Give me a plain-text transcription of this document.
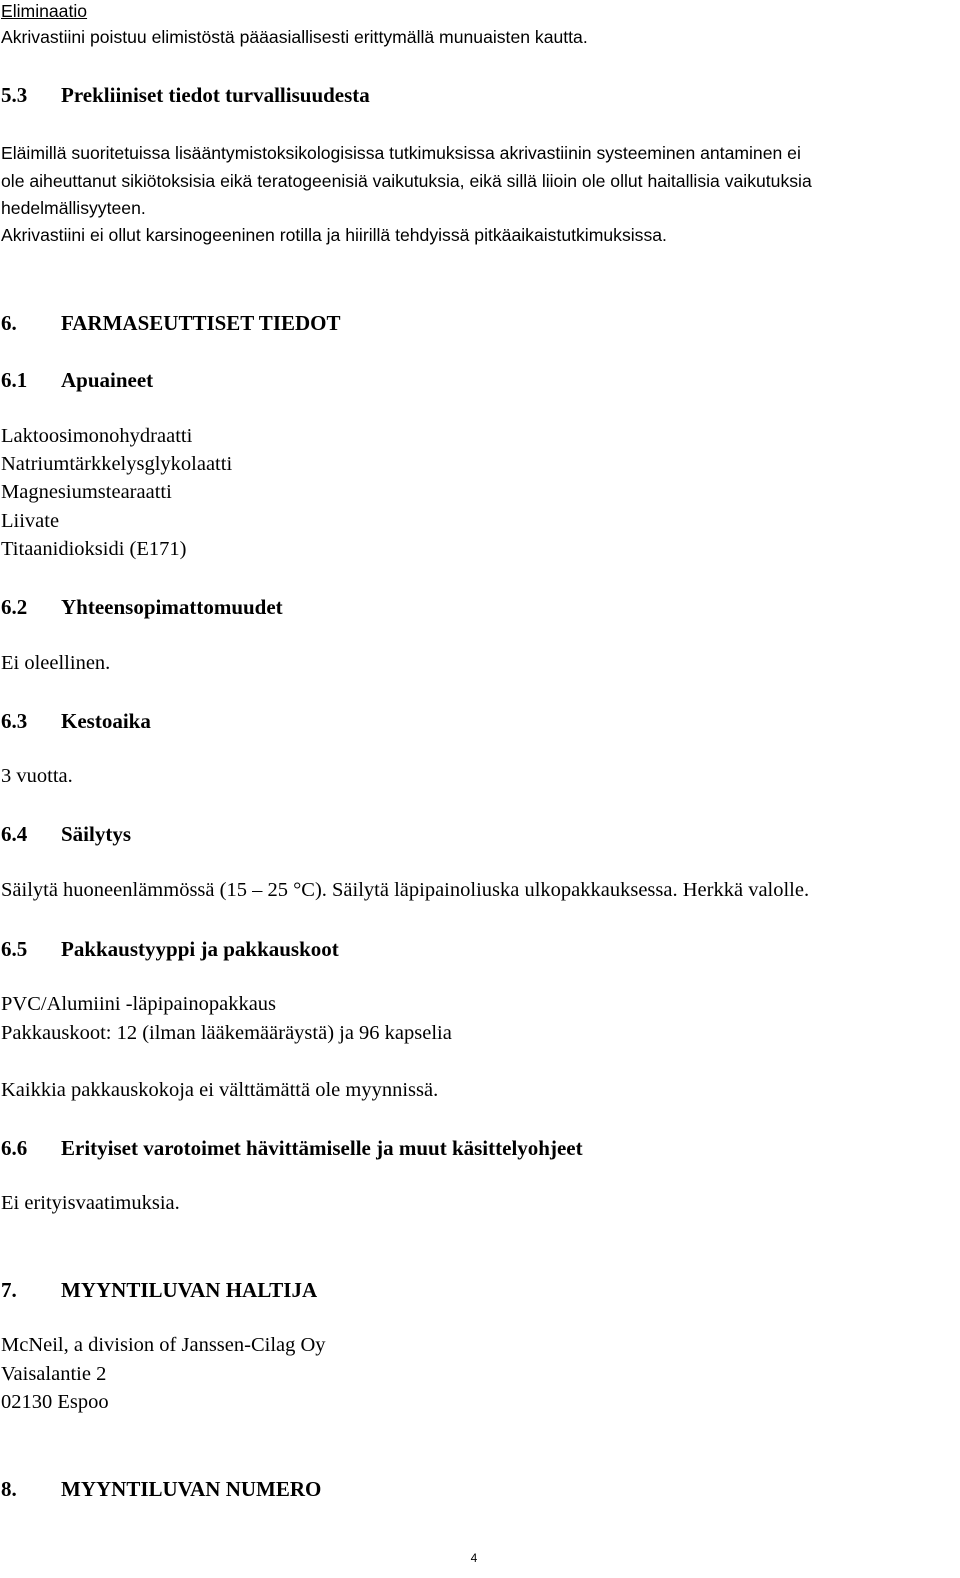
Eliminaatio
Akrivastiini poistuu elimistöstä pääasiallisesti erittymällä munuaisten kautta.
5.3 Prekliiniset tiedot turvallisuudesta
Eläimillä suoritetuissa lisääntymistoksikologisissa tutkimuksissa akrivastiinin systeeminen antaminen ei
ole aiheuttanut sikiötoksisia eikä teratogeenisiä vaikutuksia, eikä sillä liioin ole ollut haitallisia vaikutuksia
hedelmällisyyteen.
Akrivastiini ei ollut karsinogeeninen rotilla ja hiirillä tehdyissä pitkäaikaistutkimuksissa.
6. FARMASEUTTISET TIEDOT
6.1 Apuaineet
Laktoosimonohydraatti
Natriumtärkkelysglykolaatti
Magnesiumstearaatti
Liivate
Titaanidioksidi (E171)
6.2 Yhteensopimattomuudet
Ei oleellinen.
6.3 Kestoaika
3 vuotta.
6.4 Säilytys
Säilytä huoneenlämmössä (15 – 25 °C). Säilytä läpipainoliuska ulkopakkauksessa. Herkkä valolle.
6.5 Pakkaustyyppi ja pakkauskoot
PVC/Alumiini -läpipainopakkaus
Pakkauskoot: 12 (ilman lääkemääräystä) ja 96 kapselia
Kaikkia pakkauskokoja ei välttämättä ole myynnissä.
6.6 Erityiset varotoimet hävittämiselle ja muut käsittelyohjeet
Ei erityisvaatimuksia.
7. MYYNTILUVAN HALTIJA
McNeil, a division of Janssen-Cilag Oy
Vaisalantie 2
02130 Espoo
8. MYYNTILUVAN NUMERO
4
